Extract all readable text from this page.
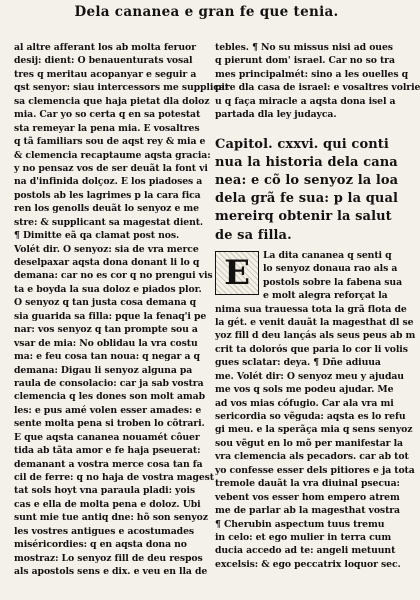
Dela cananea e gran fe que tenia.
al altre afferant los ab molta feruor
desij: dient: O benauenturats vosal
tres q meritau acopanyar e seguir a
qst senyor: siau intercessors me supplicat
sa clemencia que haja pietat dla doloz
mia. Car yo so certa q en sa potestat
sta remeyar la pena mia. E vosaltres
q tã familiars sou de aqst rey & mia e
& clemencia recaptaume aqsta gracia:
y no pensaz vos de ser deuãt la font vi
na d'infinida dolçoz. E los piadoses a
postols ab les lagrimes p la cara fica
ren los genolls deuãt lo senyoz e me
stre: & supplicant sa magestat dient.
¶ Dimitte eã qa clamat post nos.
Volét dir. O senyoz: sia de vra merce
deselpaxar aqsta dona donant li lo q
demana: car no es cor q no prengui vis
ta e boyda la sua doloz e piados plor.
O senyoz q tan justa cosa demana q
sia guarida sa filla: pque la fenaq'i pe
nar: vos senyoz q tan prompte sou a
vsar de mia: No oblidau la vra costu
ma: e feu cosa tan noua: q negar a q
demana: Digau li senyoz alguna pa
raula de consolacio: car ja sab vostra
clemencia q les dones son molt amab
les: e pus amé volen esser amades: e
sente molta pena si troben lo cõtrari.
E que aqsta cananea nouamét côuer
tida ab tãta amor e fe haja pseuerat:
demanant a vostra merce cosa tan fa
cil de ferre: q no haja de vostra magest
tat sols hoyt vna paraula pladi: yois
cas e ella de molta pena e doloz. Ubi
sunt mie tue antiq dne: hõ son senyoz
les vostres antigues e acostumades
miséricordies: q en aqsta dona no
mostraz: Lo senyoz fill de deu respos
als apostols sens e dix. e veu en lla de
tebles. ¶ No su missus nisi ad oues
q pierunt dom' israel. Car no so tra
mes principalmét: sino a les ouelles q
pire dla casa de israel: e vosaltres volrie
u q faça miracle a aqsta dona isel a
partada dla ley judayca.
Capitol. cxxvi. qui conti
nua la historia dela cana
nea: e cõ lo senyoz la loa
dela grã fe sua: p la qual
mereirq obtenir la salut
de sa filla.
E	La dita cananea q senti q
lo senyoz donaua rao als a
postols sobre la fabena sua
e molt alegra reforçat la
nima sua trauessa tota la grã flota de
la gét. e venit dauãt la magesthat dl se
yoz fill d deu lançás als seus peus ab m
crit ta dolorós que paria lo cor li volis
gues sclatar: deya. ¶ Dñe adiuua
me. Volét dir: O senyoz meu y ajudau
me vos q sols me podeu ajudar. Me
ad vos mias cófugio. Car ala vra mi
sericordia so vẽguda: aqsta es lo refu
gi meu. e la sperãça mia q sens senyoz
sou vẽgut en lo mõ per manifestar la
vra clemencia als pecadors. car ab tot
yo confesse esser dels pitiores e ja tota
tremole dauãt la vra diuinal psecua:
vebent vos esser hom empero atrem
me de parlar ab la magesthat vostra
¶ Cherubin aspectum tuus tremu
in celo: et ego mulier in terra cum
ducia accedo ad te: angeli metuunt
excelsis: & ego peccatrix loquor sec.
